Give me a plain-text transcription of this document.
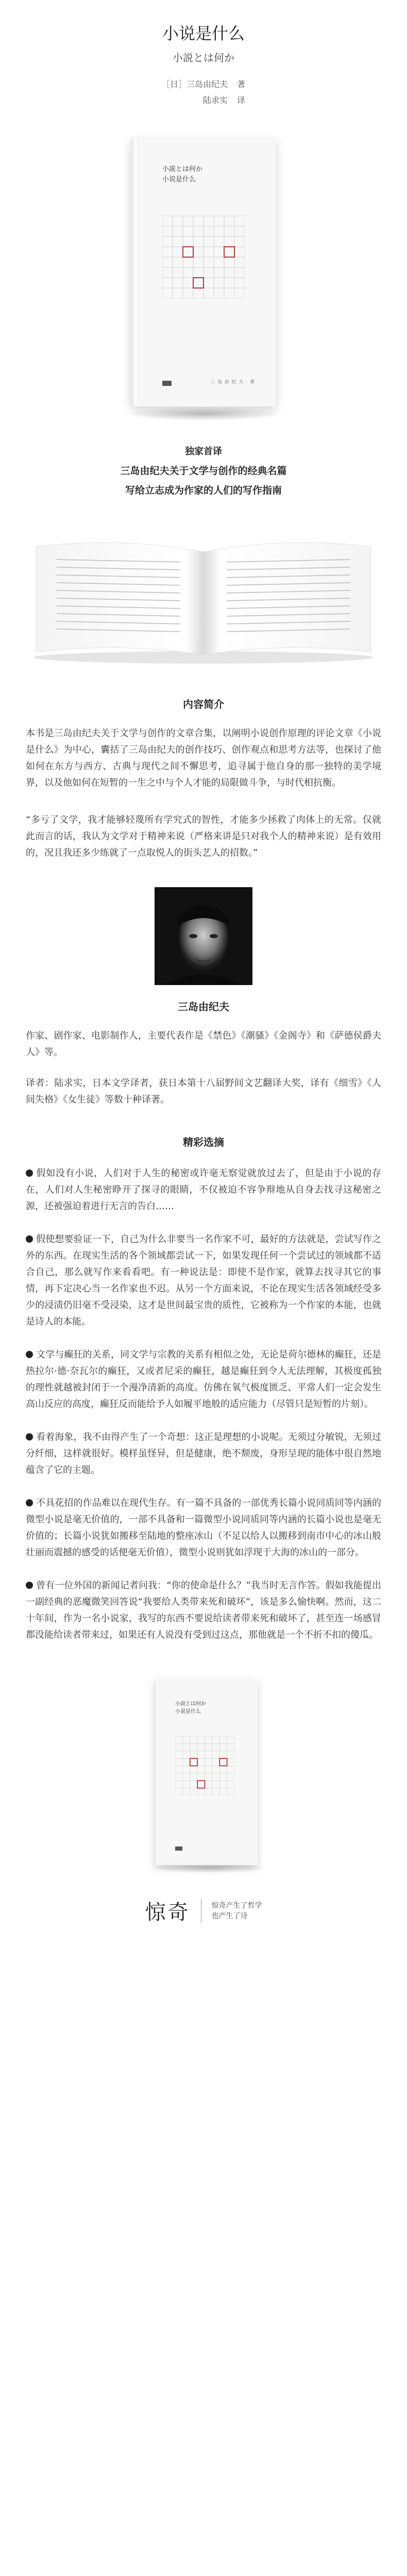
小说是什么
小説とは何か
［日］三岛由纪夫
陆求实
著
译
小説とは何か
小说是什么
三 岛 由 纪 夫 · 著
独家首译
三岛由纪夫关于文学与创作的经典名篇
写给立志成为作家的人们的写作指南
内容简介

本书是三岛由纪夫关于文学与创作的文章合集，以阐明小说创作原理的评论文章《小说是什么》为中心，囊括了三岛由纪夫的创作技巧、创作观点和思考方法等，也探讨了他如何在东方与西方、古典与现代之间不懈思考，追寻属于他自身的那一独特的美学境界，以及他如何在短暂的一生之中与个人才能的局限做斗争，与时代相抗衡。

“多亏了文学，我才能够轻蔑所有学究式的智性，才能多少拯救了肉体上的无常。仅就此而言的话，我认为文学对于精神来说（严格来讲是只对我个人的精神来说）是有效用的，况且我还多少练就了一点取悦人的街头艺人的招数。”

三岛由纪夫

作家、剧作家、电影制作人，主要代表作是《禁色》《潮骚》《金阁寺》和《萨德侯爵夫人》等。

译者：陆求实，日本文学译者，获日本第十八届野间文艺翻译大奖，译有《细雪》《人间失格》《女生徒》等数十种译著。

精彩选摘

假如没有小说，人们对于人生的秘密或许毫无察觉就放过去了，但是由于小说的存在，人们对人生秘密睁开了探寻的眼睛，不仅被迫不容争辩地从自身去找寻这秘密之源，还被强迫着进行无言的告白……

假使想要验证一下，自己为什么非要当一名作家不可，最好的方法就是，尝试写作之外的东西。在现实生活的各个领域都尝试一下，如果发现任何一个尝试过的领域都不适合自己，那么就写作来看看吧。有一种说法是：即使不是作家，就算去找寻其它的事情，再下定决心当一名作家也不迟。从另一个方面来说，不论在现实生活各领域经受多少的浸渍仍旧毫不受浸染，这才是世间最宝贵的质性，它被称为一个作家的本能，也就是诗人的本能。

文学与癫狂的关系，同文学与宗教的关系有相似之处，无论是荷尔德林的癫狂，还是热拉尔·德·奈瓦尔的癫狂，又或者尼采的癫狂，越是癫狂到令人无法理解，其极度孤独的理性就越被封闭于一个漫净清新的高度。仿佛在氧气极度匮乏、平常人们一定会发生高山反应的高度，癫狂反而能给予人如履平地般的适应能力（尽管只是短暂的片刻）。

看着海象，我不由得产生了一个奇想：这正是理想的小说呢。无须过分敏锐，无须过分纤细，这样就很好。模样虽怪异，但是健康，绝不颓废，身形呈现的能体中很自然地蕴含了它的主题。

不具花招的作品难以在现代生存。有一篇不具备的一部优秀长篇小说同质同等内涵的微型小说是毫无价值的，一部不具备和一篇微型小说同质同等内涵的长篇小说也是毫无价值的；长篇小说犹如搬移至陆地的整座冰山（不足以给人以搬移到南巿中心的冰山般壮丽而震撼的感受的话便毫无价值），微型小说则犹如浮现于大海的冰山的一部分。

曾有一位外国的新闻记者问我：“你的使命是什么？”我当时无言作答。假如我能提出一副经典的恶魔微笑回答说“我要给人类带来死和破坏”，该是多么愉快啊。然而，这二十年间，作为一名小说家，我写的东西不要说给读者带来死和破坏了，甚至连一场感冒都没能给读者带来过，如果还有人说没有受到过这点，那他就是一个不折不扣的傻瓜。

小説とは何か
小说是什么
惊奇	惊奇产生了哲学
也产生了诗
